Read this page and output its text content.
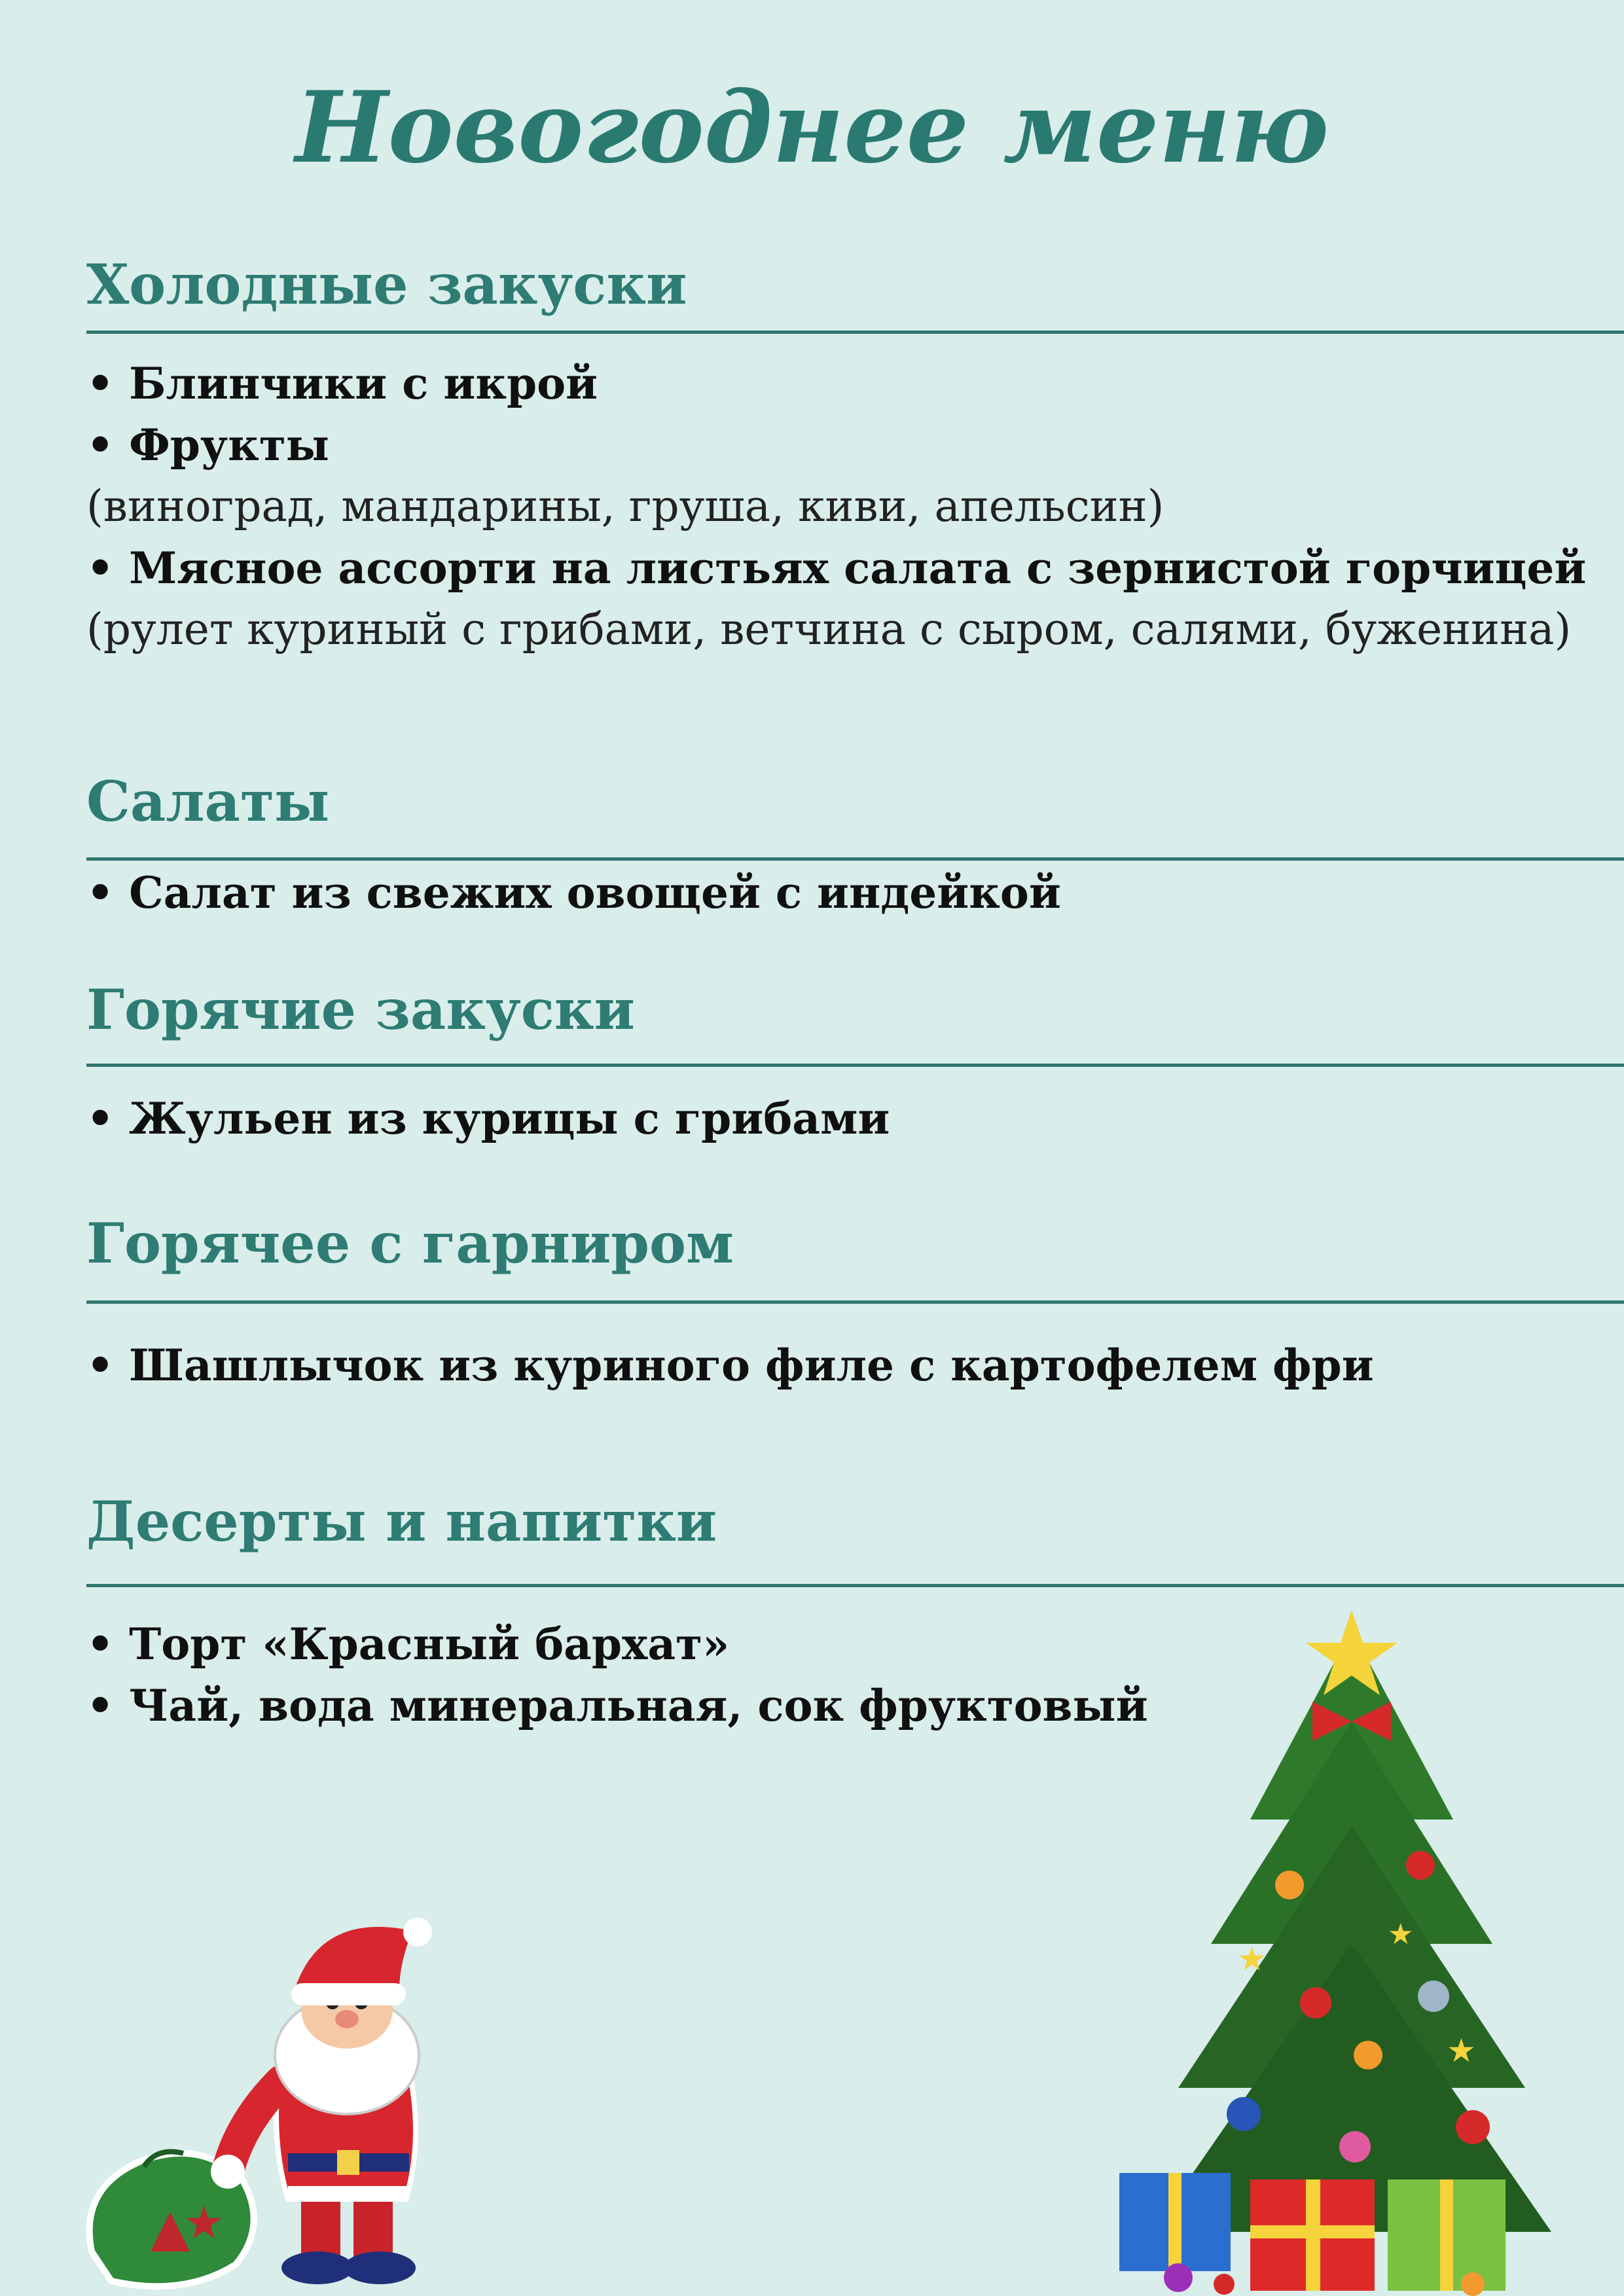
Новогоднее меню
Холодные закуски
• Блинчики с икрой
• Фрукты
(виноград, мандарины, груша, киви, апельсин)
• Мясное ассорти на листьях салата с зернистой горчицей
(рулет куриный с грибами, ветчина с сыром, салями, буженина)
Салаты
• Салат из свежих овощей с индейкой
Горячие закуски
• Жульен из курицы с грибами
Горячее с гарниром
• Шашлычок из куриного филе с картофелем фри
Десерты и напитки
• Торт «Красный бархат»
• Чай, вода минеральная, сок фруктовый
★
★
★
★
